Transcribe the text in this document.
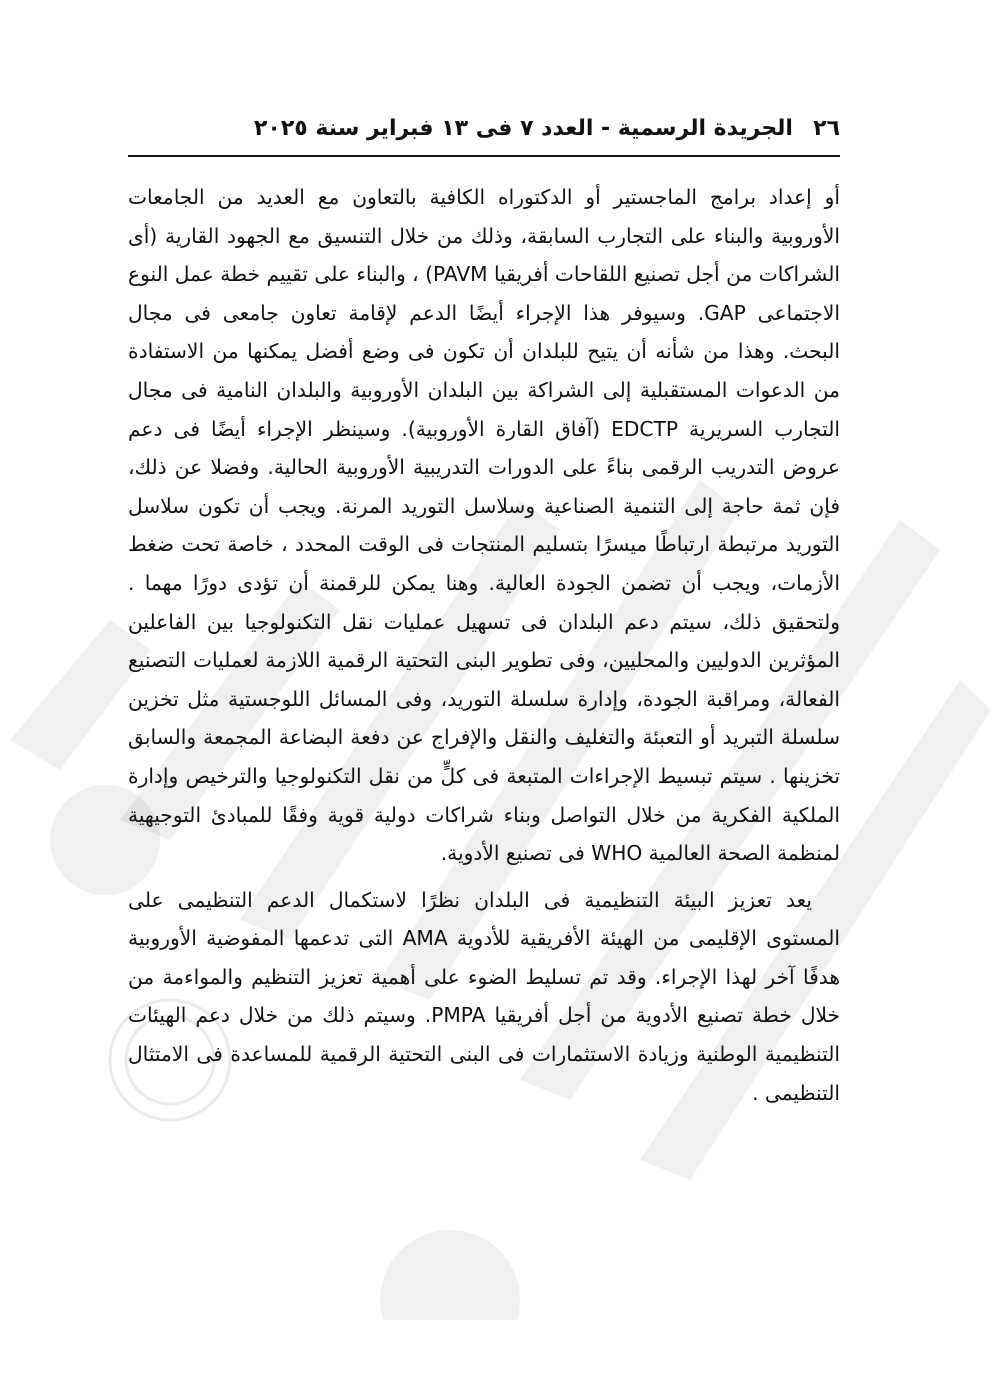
٢٦
الجريدة الرسمية - العدد ٧ فى ١٣ فبراير سنة ٢٠٢٥

أو إعداد برامج الماجستير أو الدكتوراه الكافية بالتعاون مع العديد من الجامعات الأوروبية والبناء على التجارب السابقة، وذلك من خلال التنسيق مع الجهود القارية (أى الشراكات من أجل تصنيع اللقاحات أفريقيا PAVM) ، والبناء على تقييم خطة عمل النوع الاجتماعى GAP. وسيوفر هذا الإجراء أيضًا الدعم لإقامة تعاون جامعى فى مجال البحث. وهذا من شأنه أن يتيح للبلدان أن تكون فى وضع أفضل يمكنها من الاستفادة من الدعوات المستقبلية إلى الشراكة بين البلدان الأوروبية والبلدان النامية فى مجال التجارب السريرية EDCTP (آفاق القارة الأوروبية). وسينظر الإجراء أيضًا فى دعم عروض التدريب الرقمى بناءً على الدورات التدريبية الأوروبية الحالية. وفضلا عن ذلك، فإن ثمة حاجة إلى التنمية الصناعية وسلاسل التوريد المرنة. ويجب أن تكون سلاسل التوريد مرتبطة ارتباطًا ميسرًا بتسليم المنتجات فى الوقت المحدد ، خاصة تحت ضغط الأزمات، ويجب أن تضمن الجودة العالية. وهنا يمكن للرقمنة أن تؤدى دورًا مهما . ولتحقيق ذلك، سيتم دعم البلدان فى تسهيل عمليات نقل التكنولوجيا بين الفاعلين المؤثرين الدوليين والمحليين، وفى تطوير البنى التحتية الرقمية اللازمة لعمليات التصنيع الفعالة، ومراقبة الجودة، وإدارة سلسلة التوريد، وفى المسائل اللوجستية مثل تخزين سلسلة التبريد أو التعبئة والتغليف والنقل والإفراج عن دفعة البضاعة المجمعة والسابق تخزينها . سيتم تبسيط الإجراءات المتبعة فى كلٍّ من نقل التكنولوجيا والترخيص وإدارة الملكية الفكرية من خلال التواصل وبناء شراكات دولية قوية وفقًا للمبادئ التوجيهية لمنظمة الصحة العالمية WHO فى تصنيع الأدوية.

يعد تعزيز البيئة التنظيمية فى البلدان نظرًا لاستكمال الدعم التنظيمى على المستوى الإقليمى من الهيئة الأفريقية للأدوية AMA التى تدعمها المفوضية الأوروبية هدفًا آخر لهذا الإجراء. وقد تم تسليط الضوء على أهمية تعزيز التنظيم والمواءمة من خلال خطة تصنيع الأدوية من أجل أفريقيا PMPA. وسيتم ذلك من خلال دعم الهيئات التنظيمية الوطنية وزيادة الاستثمارات فى البنى التحتية الرقمية للمساعدة فى الامتثال التنظيمى .
